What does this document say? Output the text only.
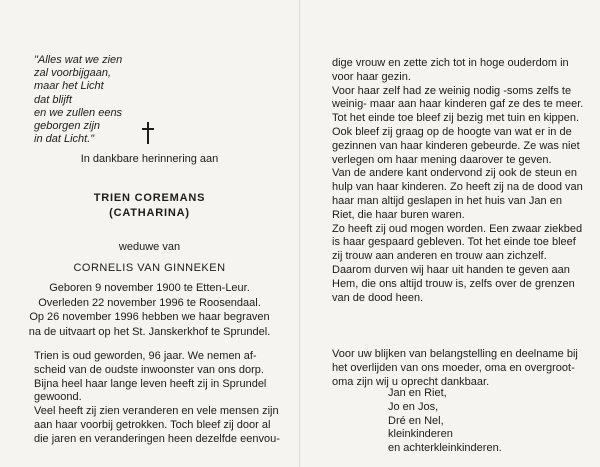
"Alles wat we zien
zal voorbijgaan,
maar het Licht
dat blijft
en we zullen eens
geborgen zijn
in dat Licht."
In dankbare herinnering aan
TRIEN COREMANS
(CATHARINA)
weduwe van
CORNELIS VAN GINNEKEN
Geboren 9 november 1900 te Etten-Leur.
Overleden 22 november 1996 te Roosendaal.
Op 26 november 1996 hebben we haar begraven
na de uitvaart op het St. Janskerkhof te Sprundel.
Trien is oud geworden, 96 jaar. We nemen af-
scheid van de oudste inwoonster van ons dorp.
Bijna heel haar lange leven heeft zij in Sprundel
gewoond.
Veel heeft zij zien veranderen en vele mensen zijn
aan haar voorbij getrokken. Toch bleef zij door al
die jaren en veranderingen heen dezelfde eenvou-
dige vrouw en zette zich tot in hoge ouderdom in
voor haar gezin.
Voor haar zelf had ze weinig nodig -soms zelfs te
weinig- maar aan haar kinderen gaf ze des te meer.
Tot het einde toe bleef zij bezig met tuin en kippen.
Ook bleef zij graag op de hoogte van wat er in de
gezinnen van haar kinderen gebeurde. Ze was niet
verlegen om haar mening daarover te geven.
Van de andere kant ondervond zij ook de steun en
hulp van haar kinderen. Zo heeft zij na de dood van
haar man altijd geslapen in het huis van Jan en
Riet, die haar buren waren.
Zo heeft zij oud mogen worden. Een zwaar ziekbed
is haar gespaard gebleven. Tot het einde toe bleef
zij trouw aan anderen en trouw aan zichzelf.
Daarom durven wij haar uit handen te geven aan
Hem, die ons altijd trouw is, zelfs over de grenzen
van de dood heen.
Voor uw blijken van belangstelling en deelname bij
het overlijden van ons moeder, oma en overgroot-
oma zijn wij u oprecht dankbaar.
Jan en Riet,
Jo en Jos,
Dré en Nel,
kleinkinderen
en achterkleinkinderen.
